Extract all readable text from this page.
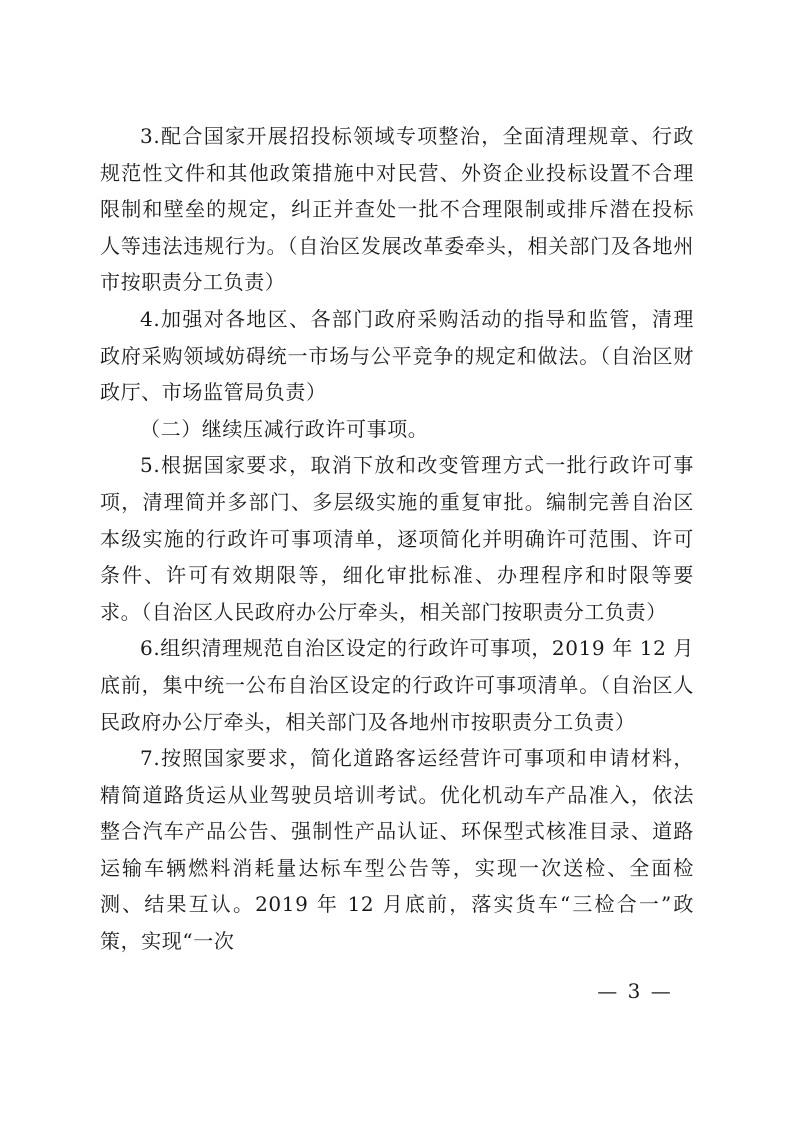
3.配合国家开展招投标领域专项整治，全面清理规章、行政规范性文件和其他政策措施中对民营、外资企业投标设置不合理限制和壁垒的规定，纠正并查处一批不合理限制或排斥潜在投标人等违法违规行为。（自治区发展改革委牵头，相关部门及各地州市按职责分工负责）

4.加强对各地区、各部门政府采购活动的指导和监管，清理政府采购领域妨碍统一市场与公平竞争的规定和做法。（自治区财政厅、市场监管局负责）

（二）继续压减行政许可事项。

5.根据国家要求，取消下放和改变管理方式一批行政许可事项，清理简并多部门、多层级实施的重复审批。编制完善自治区本级实施的行政许可事项清单，逐项简化并明确许可范围、许可条件、许可有效期限等，细化审批标准、办理程序和时限等要求。（自治区人民政府办公厅牵头，相关部门按职责分工负责）

6.组织清理规范自治区设定的行政许可事项，2019 年 12 月底前，集中统一公布自治区设定的行政许可事项清单。（自治区人民政府办公厅牵头，相关部门及各地州市按职责分工负责）

7.按照国家要求，简化道路客运经营许可事项和申请材料，精简道路货运从业驾驶员培训考试。优化机动车产品准入，依法整合汽车产品公告、强制性产品认证、环保型式核准目录、道路运输车辆燃料消耗量达标车型公告等，实现一次送检、全面检测、结果互认。2019 年 12 月底前，落实货车“三检合一”政策，实现“一次

— 3 —
